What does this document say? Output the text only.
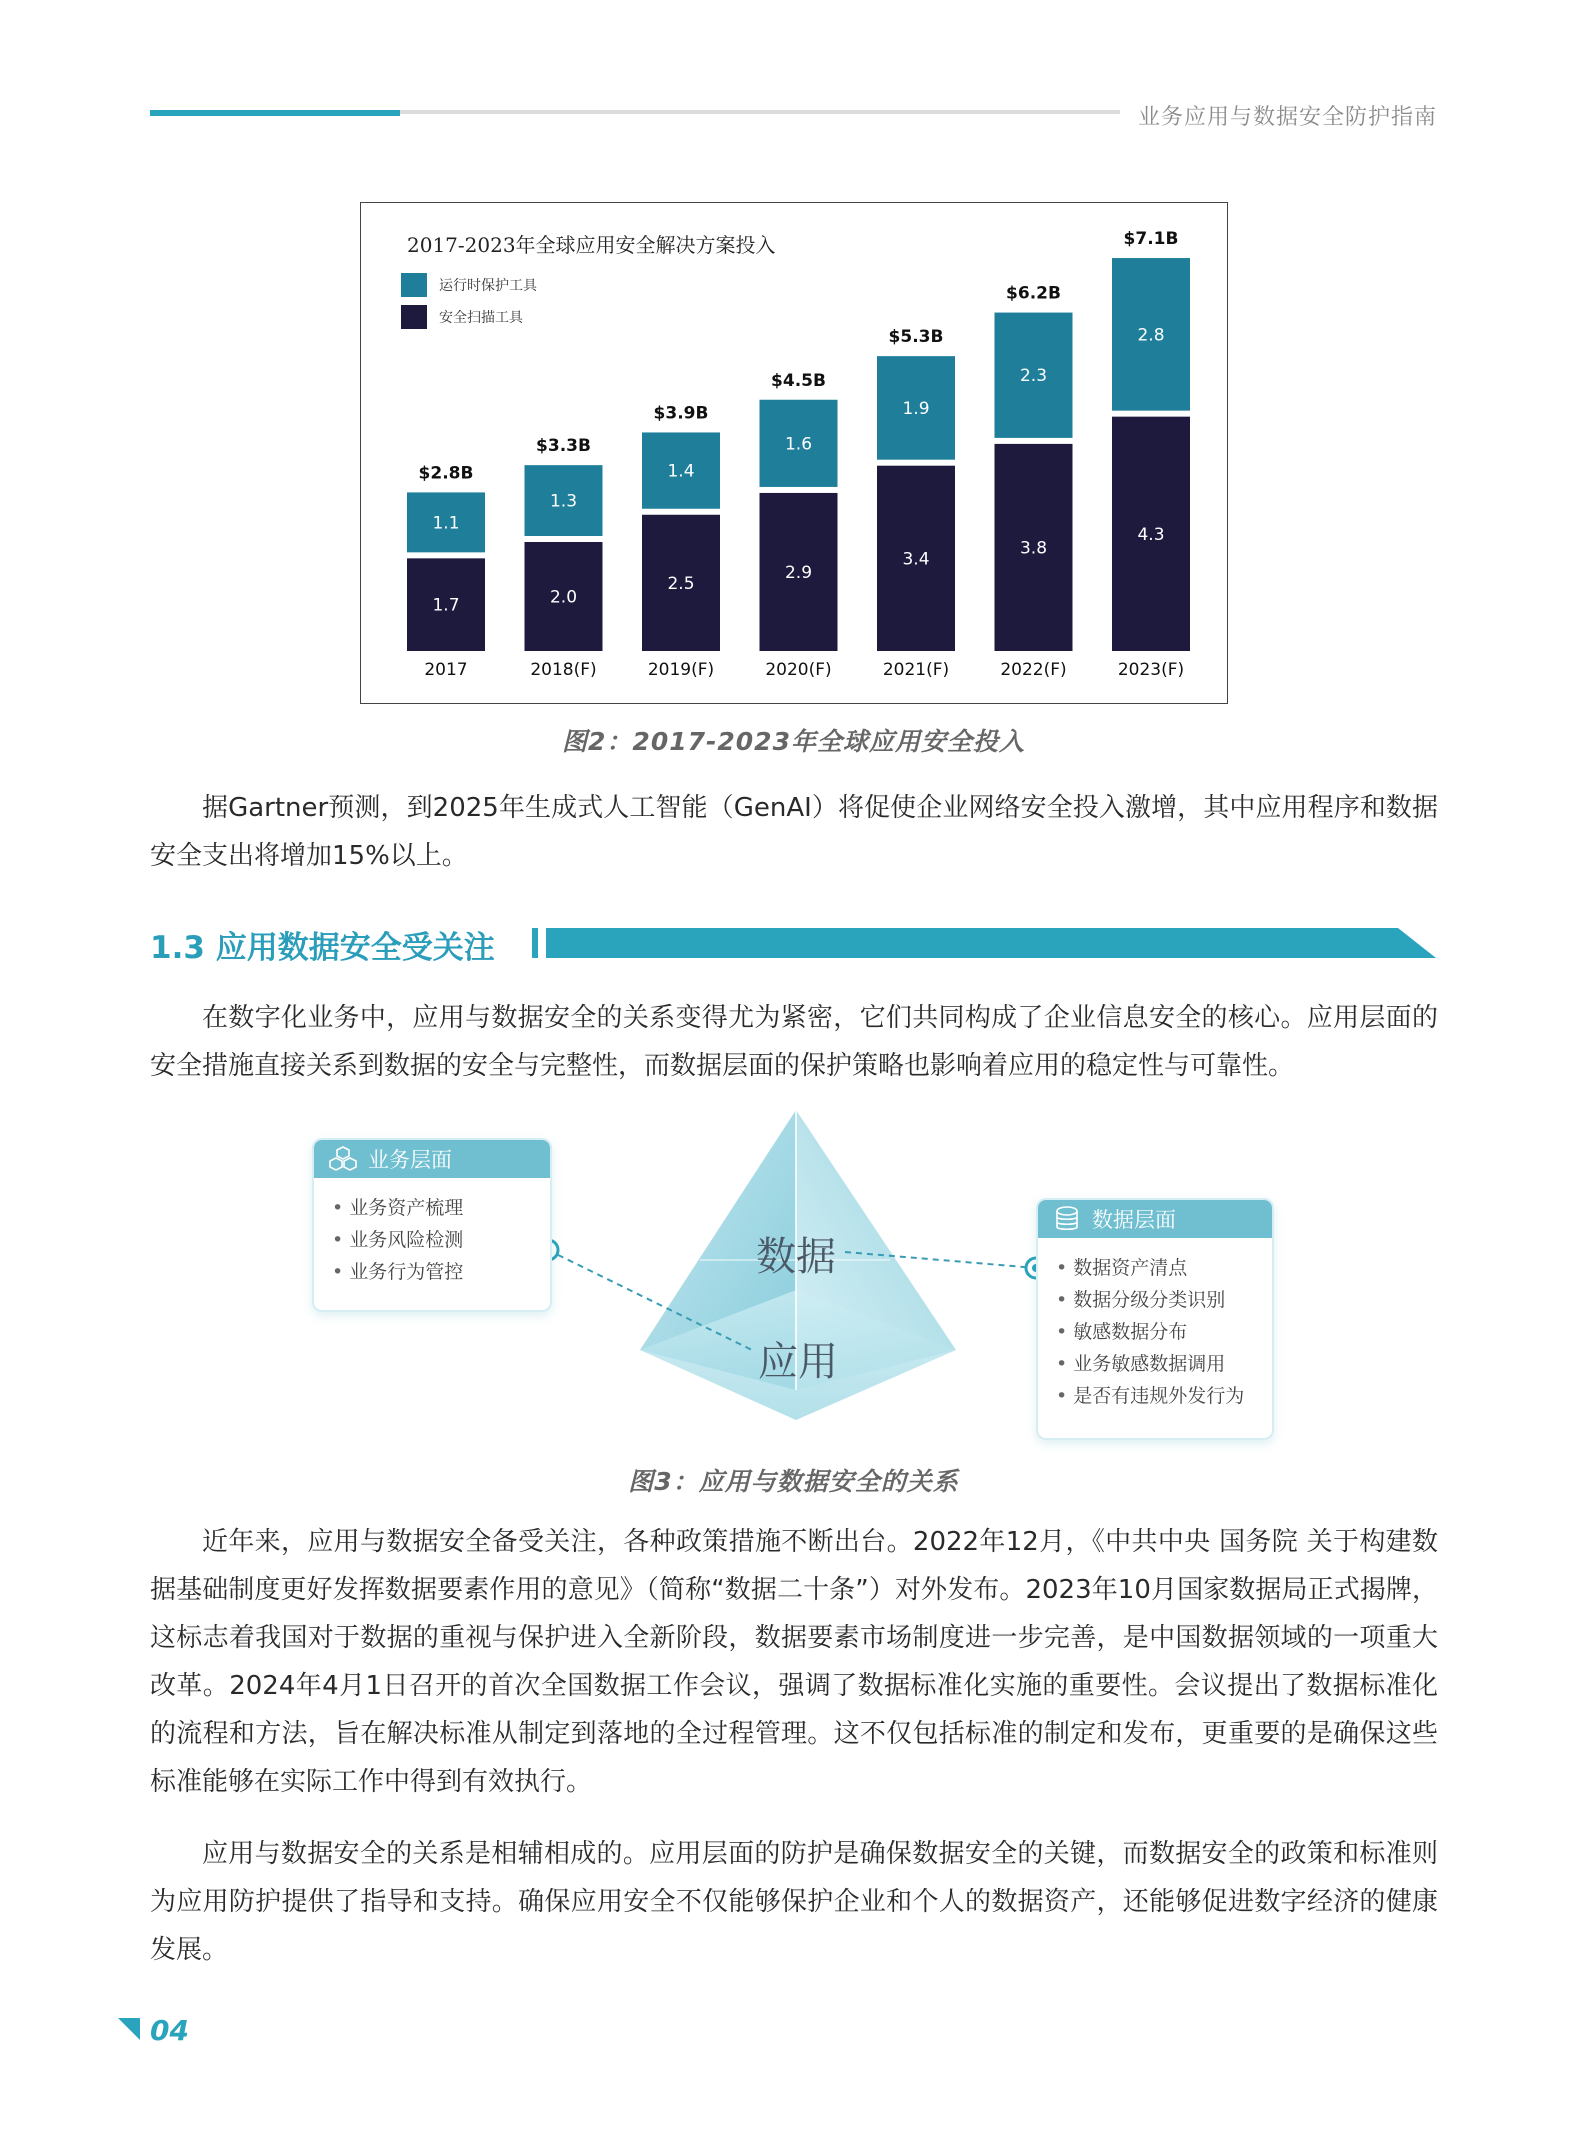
业务应用与数据安全防护指南
2017-2023年全球应用安全解决方案投入
运行时保护工具
安全扫描工具
1.7
1.1
$2.8B
2017
2.0
1.3
$3.3B
2018(F)
2.5
1.4
$3.9B
2019(F)
2.9
1.6
$4.5B
2020(F)
3.4
1.9
$5.3B
2021(F)
3.8
2.3
$6.2B
2022(F)
4.3
2.8
$7.1B
2023(F)
图2：2017-2023年全球应用安全投入

据Gartner预测，到2025年生成式人工智能（GenAI）将促使企业网络安全投入激增，其中应用程序和数据安全支出将增加15%以上。

1.3 应用数据安全受关注

在数字化业务中，应用与数据安全的关系变得尤为紧密，它们共同构成了企业信息安全的核心。应用层面的安全措施直接关系到数据的安全与完整性，而数据层面的保护策略也影响着应用的稳定性与可靠性。

数据
应用
业务层面
• 业务资产梳理
• 业务风险检测
• 业务行为管控
数据层面
• 数据资产清点
• 数据分级分类识别
• 敏感数据分布
• 业务敏感数据调用
• 是否有违规外发行为
图3：应用与数据安全的关系

近年来，应用与数据安全备受关注，各种政策措施不断出台。2022年12月，《中共中央 国务院 关于构建数据基础制度更好发挥数据要素作用的意见》（简称“数据二十条”）对外发布。2023年10月国家数据局正式揭牌，这标志着我国对于数据的重视与保护进入全新阶段，数据要素市场制度进一步完善，是中国数据领域的一项重大改革。2024年4月1日召开的首次全国数据工作会议，强调了数据标准化实施的重要性。会议提出了数据标准化的流程和方法，旨在解决标准从制定到落地的全过程管理。这不仅包括标准的制定和发布，更重要的是确保这些标准能够在实际工作中得到有效执行。

应用与数据安全的关系是相辅相成的。应用层面的防护是确保数据安全的关键，而数据安全的政策和标准则为应用防护提供了指导和支持。确保应用安全不仅能够保护企业和个人的数据资产，还能够促进数字经济的健康发展。

04
